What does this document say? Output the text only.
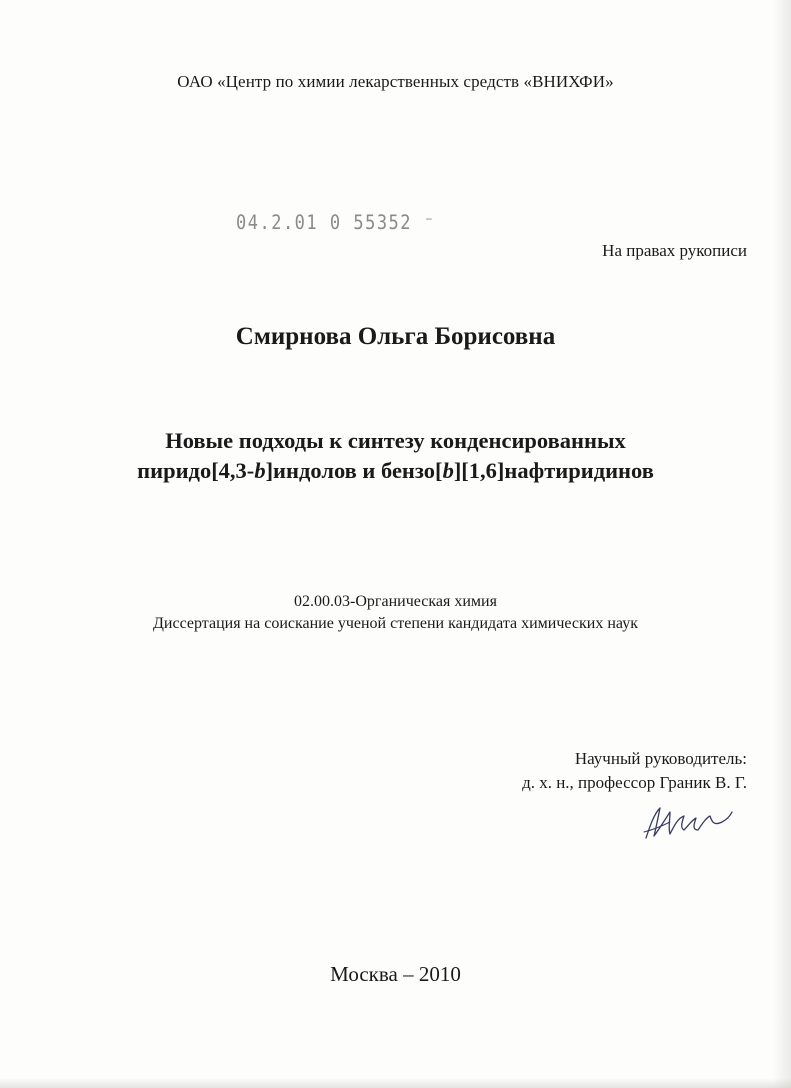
ОАО «Центр по химии лекарственных средств «ВНИХФИ»
04.2.01 0 55352 ⁻
На правах рукописи
Смирнова Ольга Борисовна
Новые подходы к синтезу конденсированных
пиридо[4,3-b]индолов и бензо[b][1,6]нафтиридинов
02.00.03-Органическая химия
Диссертация на соискание ученой степени кандидата химических наук
Научный руководитель:
д. х. н., профессор Граник В. Г.
Москва – 2010
